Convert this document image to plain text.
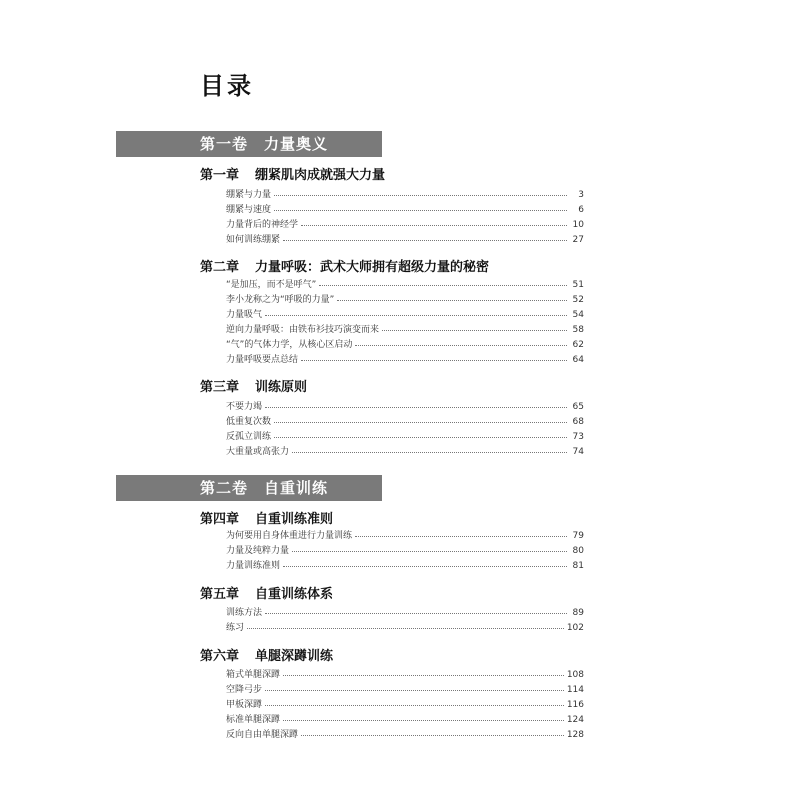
目录
第一卷　力量奥义
第一章 绷紧肌肉成就强大力量
绷紧与力量	3
绷紧与速度	6
力量背后的神经学	10
如何训练绷紧	27
第二章 力量呼吸：武术大师拥有超级力量的秘密
“是加压，而不是呼气”	51
李小龙称之为“呼吸的力量”	52
力量吸气	54
逆向力量呼吸：由铁布衫技巧演变而来	58
“气”的气体力学，从核心区启动	62
力量呼吸要点总结	64
第三章 训练原则
不要力竭	65
低重复次数	68
反孤立训练	73
大重量或高张力	74
第二卷　自重训练
第四章 自重训练准则
为何要用自身体重进行力量训练	79
力量及纯粹力量	80
力量训练准则	81
第五章 自重训练体系
训练方法	89
练习	102
第六章 单腿深蹲训练
箱式单腿深蹲	108
空降弓步	114
甲板深蹲	116
标准单腿深蹲	124
反向自由单腿深蹲	128
